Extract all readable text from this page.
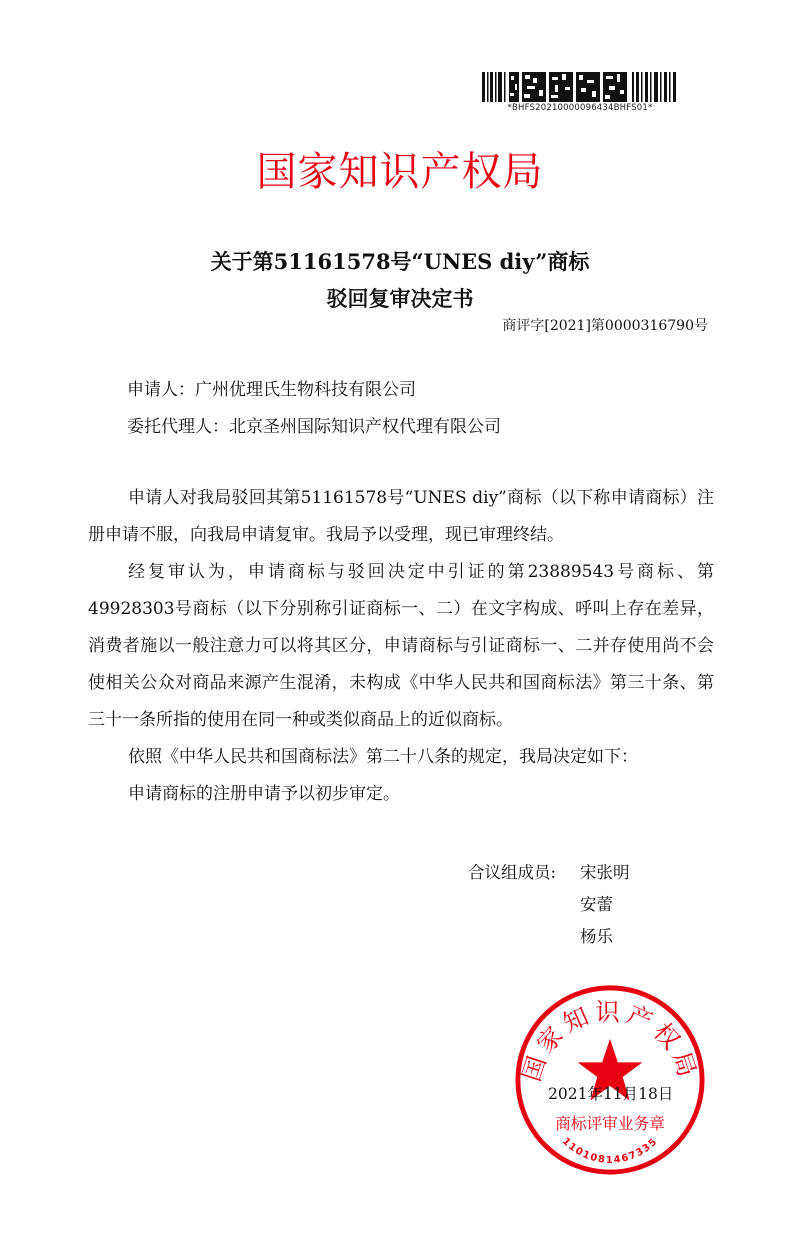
*BHFS20210000096434BHFS01*
国家知识产权局
关于第51161578号“UNES diy”商标
驳回复审决定书
商评字[2021]第0000316790号
申请人：广州优理氏生物科技有限公司
委托代理人：北京圣州国际知识产权代理有限公司

申请人对我局驳回其第51161578号“UNES diy”商标（以下称申请商标）注册申请不服，向我局申请复审。我局予以受理，现已审理终结。

经复审认为，申请商标与驳回决定中引证的第23889543号商标、第49928303号商标（以下分别称引证商标一、二）在文字构成、呼叫上存在差异，消费者施以一般注意力可以将其区分，申请商标与引证商标一、二并存使用尚不会使相关公众对商品来源产生混淆，未构成《中华人民共和国商标法》第三十条、第三十一条所指的使用在同一种或类似商品上的近似商标。

依照《中华人民共和国商标法》第二十八条的规定，我局决定如下：

申请商标的注册申请予以初步审定。

合议组成员:	宋张明
安蕾
杨乐
国家知识产权局
商标评审业务章
1101081467335
2021年11月18日
